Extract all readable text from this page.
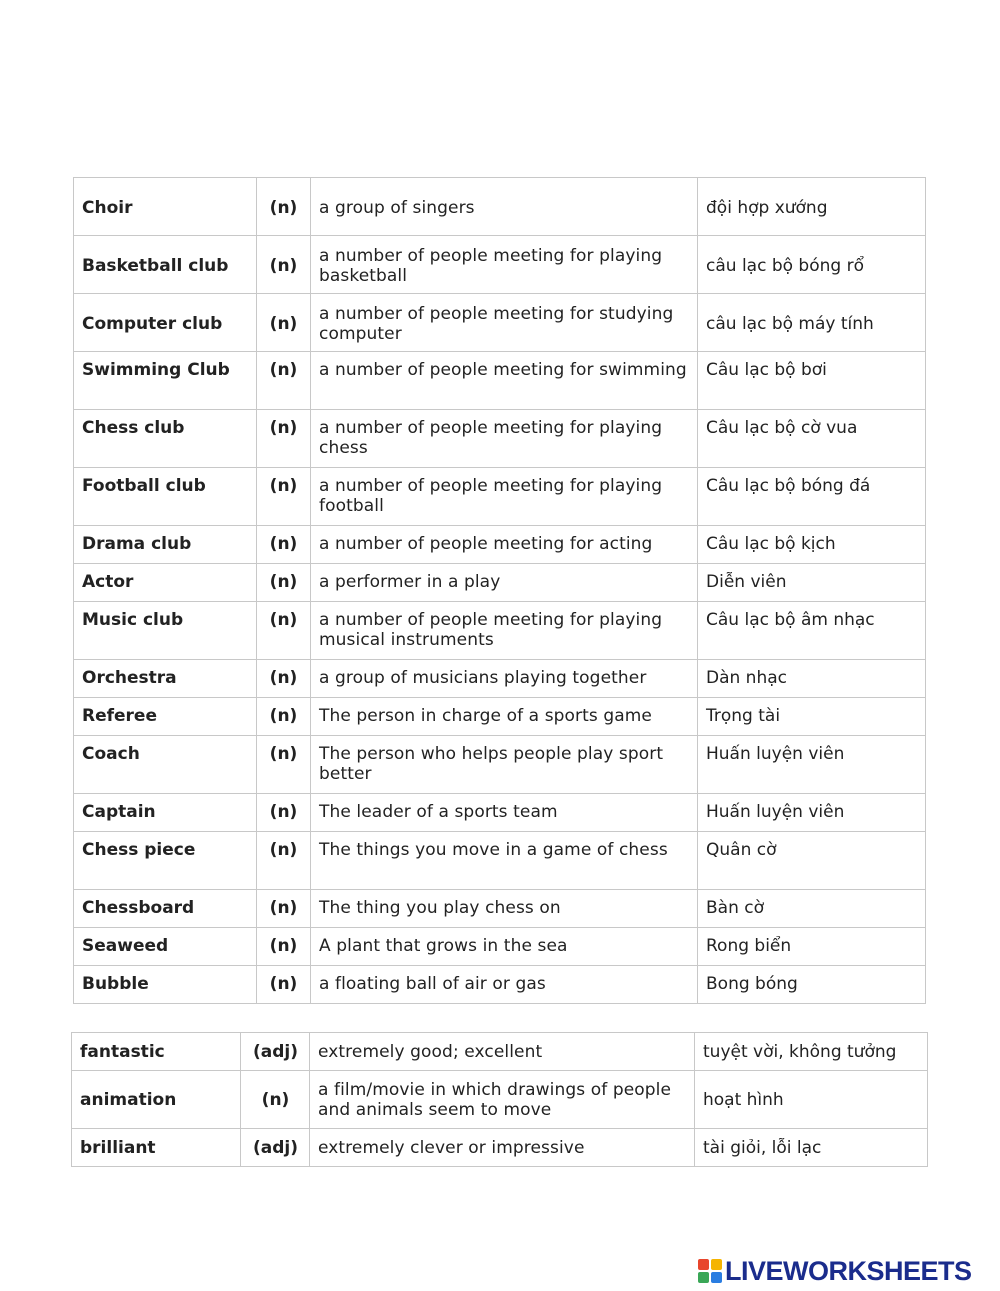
Choir	(n)	a group of singers	đội hợp xướng
Basketball club	(n)	a number of people meeting for playing basketball	câu lạc bộ bóng rổ
Computer club	(n)	a number of people meeting for studying computer	câu lạc bộ máy tính
Swimming Club	(n)	a number of people meeting for swimming	Câu lạc bộ bơi
Chess club	(n)	a number of people meeting for playing chess	Câu lạc bộ cờ vua
Football club	(n)	a number of people meeting for playing football	Câu lạc bộ bóng đá
Drama club	(n)	a number of people meeting for acting	Câu lạc bộ kịch
Actor	(n)	a performer in a play	Diễn viên
Music club	(n)	a number of people meeting for playing musical instruments	Câu lạc bộ âm nhạc
Orchestra	(n)	a group of musicians playing together	Dàn nhạc
Referee	(n)	The person in charge of a sports game	Trọng tài
Coach	(n)	The person who helps people play sport better	Huấn luyện viên
Captain	(n)	The leader of a sports team	Huấn luyện viên
Chess piece	(n)	The things you move in a game of chess	Quân cờ
Chessboard	(n)	The thing you play chess on	Bàn cờ
Seaweed	(n)	A plant that grows in the sea	Rong biển
Bubble	(n)	a floating ball of air or gas	Bong bóng
fantastic	(adj)	extremely good; excellent	tuyệt vời, không tưởng
animation	(n)	a film/movie in which drawings of people and animals seem to move	hoạt hình
brilliant	(adj)	extremely clever or impressive	tài giỏi, lỗi lạc
LIVEWORKSHEETS
